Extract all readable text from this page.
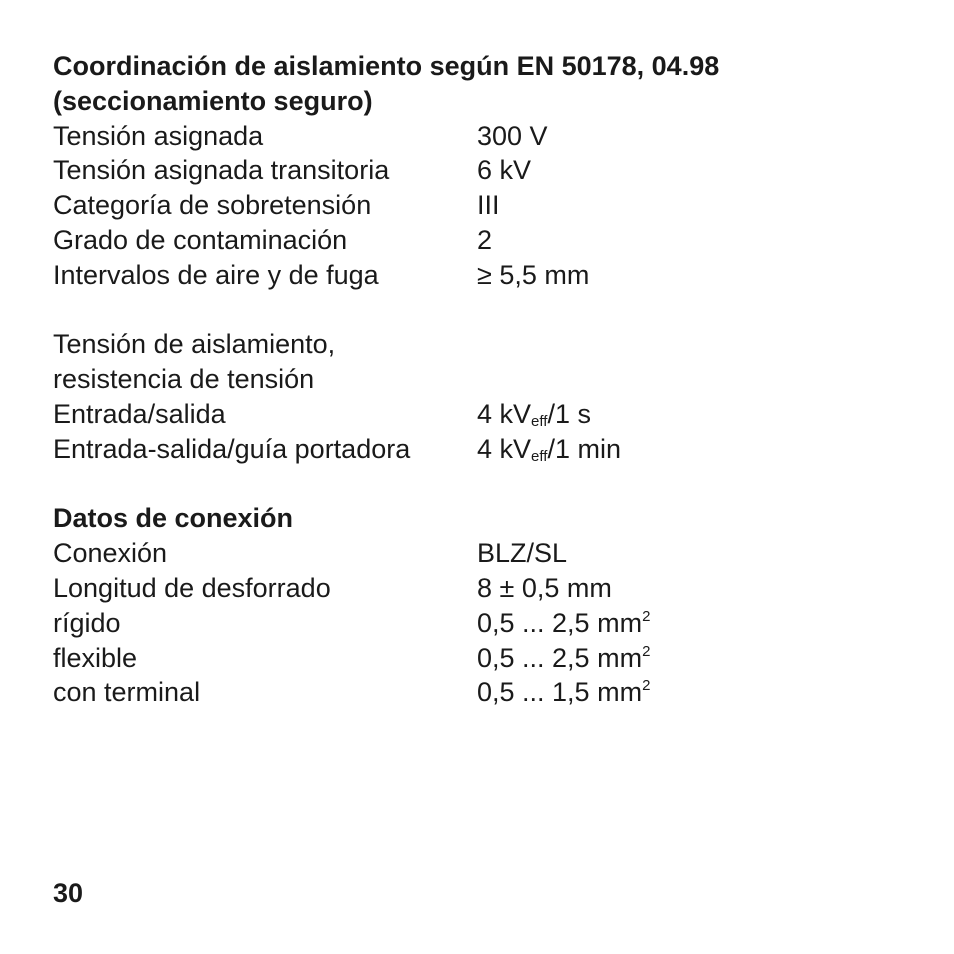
Coordinación de aislamiento según EN 50178, 04.98
(seccionamiento seguro)
Tensión asignada	300 V
Tensión asignada transitoria	6 kV
Categoría de sobretensión	III
Grado de contaminación	2
Intervalos de aire y de fuga	≥ 5,5 mm
Tensión de aislamiento,
resistencia de tensión
Entrada/salida	4 $kV_{eff}/1$ s
Entrada-salida/guía portadora 4 $kV_{eff}/1$ min
Datos de conexión
Conexión	BLZ/SL
Longitud de desforrado	8 ± 0,5 mm
rígido	0,5 ... 2,5 $mm^2$
flexible	0,5 ... 2,5 $mm^2$
con terminal	0,5 ... 1,5 $mm^2$
30
